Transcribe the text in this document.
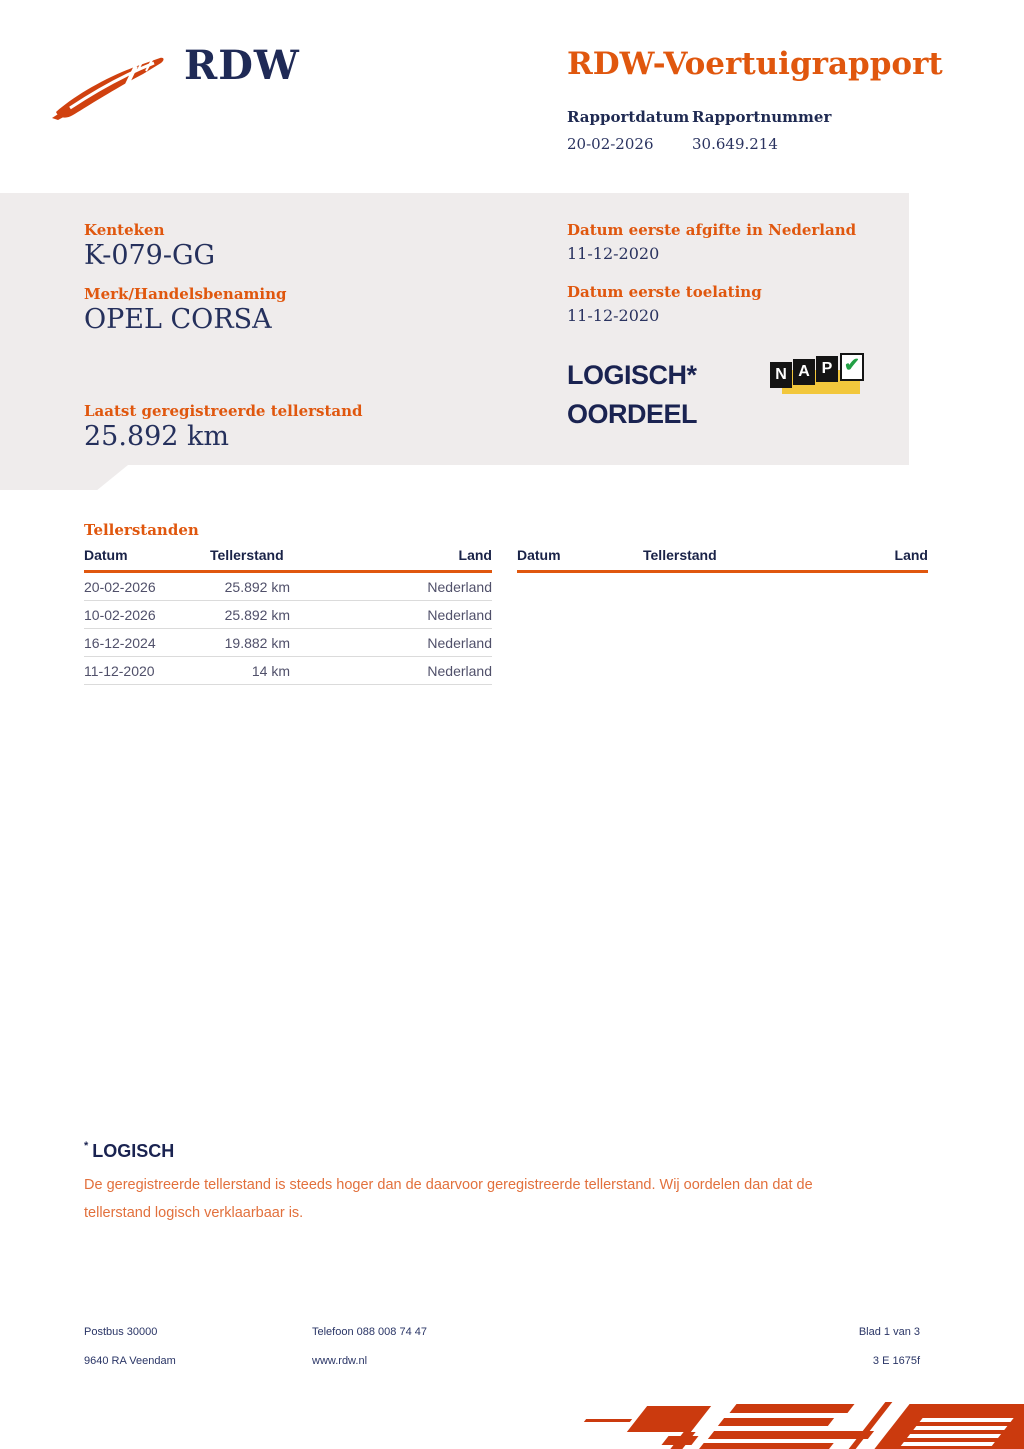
RDW	RDW-Voertuigrapport
Rapportdatum
20-02-2026
Rapportnummer
30.649.214
Kenteken
K-079-GG
Merk/Handelsbenaming
OPEL CORSA
Laatst geregistreerde tellerstand
25.892 km
Datum eerste afgifte in Nederland
11-12-2020
Datum eerste toelating
11-12-2020
LOGISCH*
OORDEEL
N A P ✔
Tellerstanden
Datum	Tellerstand	Land
20-02-2026	25.892 km	Nederland
10-02-2026	25.892 km	Nederland
16-12-2024	19.882 km	Nederland
11-12-2020	14 km	Nederland
Datum	Tellerstand	Land
* LOGISCH
De geregistreerde tellerstand is steeds hoger dan de daarvoor geregistreerde tellerstand. Wij oordelen dan dat de tellerstand logisch verklaarbaar is.
Postbus 30000
9640 RA Veendam
Telefoon 088 008 74 47
www.rdw.nl
Blad 1 van 3
3 E 1675f
